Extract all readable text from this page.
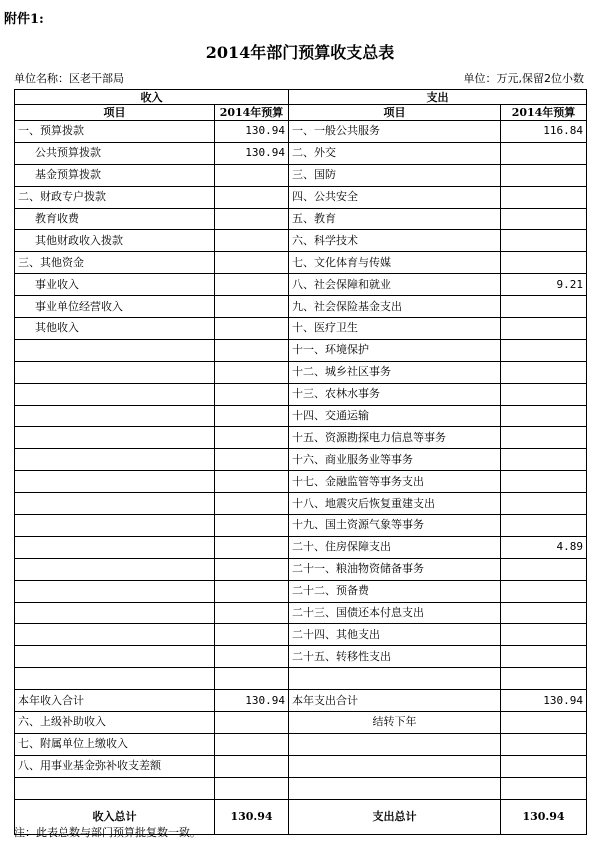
附件1:
2014年部门预算收支总表
单位名称：区老干部局	单位：万元,保留2位小数
收入		支出	
项目	2014年预算	项目	2014年预算
一、预算拨款	130.94	一、一般公共服务	116.84
公共预算拨款	130.94	二、外交	
基金预算拨款		三、国防	
二、财政专户拨款		四、公共安全	
教育收费		五、教育	
其他财政收入拨款		六、科学技术	
三、其他资金		七、文化体育与传媒	
事业收入		八、社会保障和就业	9.21
事业单位经营收入		九、社会保险基金支出	
其他收入		十、医疗卫生	
		十一、环境保护	
		十二、城乡社区事务	
		十三、农林水事务	
		十四、交通运输	
		十五、资源勘探电力信息等事务	
		十六、商业服务业等事务	
		十七、金融监管等事务支出	
		十八、地震灾后恢复重建支出	
		十九、国土资源气象等事务	
		二十、住房保障支出	4.89
		二十一、粮油物资储备事务	
		二十二、预备费	
		二十三、国债还本付息支出	
		二十四、其他支出	
		二十五、转移性支出	

本年收入合计	130.94	本年支出合计	130.94
六、上级补助收入		结转下年	
七、附属单位上缴收入			
八、用事业基金弥补收支差额			

收入总计	130.94	支出总计	130.94
注：此表总数与部门预算批复数一致。
